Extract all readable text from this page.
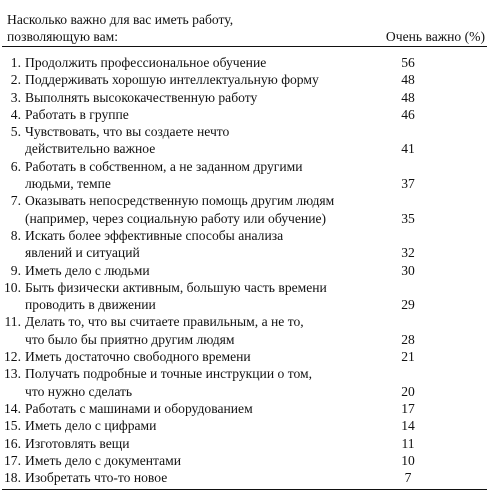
Насколько важно для вас иметь работу,
позволяющую вам:	Очень важно (%)
1. Продолжить профессиональное обучение	56
2. Поддерживать хорошую интеллектуальную форму	48
3. Выполнять высококачественную работу	48
4. Работать в группе	46
5. Чувствовать, что вы создаете нечто
действительно важное	41
6. Работать в собственном, а не заданном другими
людьми, темпе	37
7. Оказывать непосредственную помощь другим людям
(например, через социальную работу или обучение)	35
8. Искать более эффективные способы анализа
явлений и ситуаций	32
9. Иметь дело с людьми	30
10. Быть физически активным, большую часть времени
проводить в движении	29
11. Делать то, что вы считаете правильным, а не то,
что было бы приятно другим людям	28
12. Иметь достаточно свободного времени	21
13. Получать подробные и точные инструкции о том,
что нужно сделать	20
14. Работать с машинами и оборудованием	17
15. Иметь дело с цифрами	14
16. Изготовлять вещи	11
17. Иметь дело с документами	10
18. Изобретать что-то новое	7
